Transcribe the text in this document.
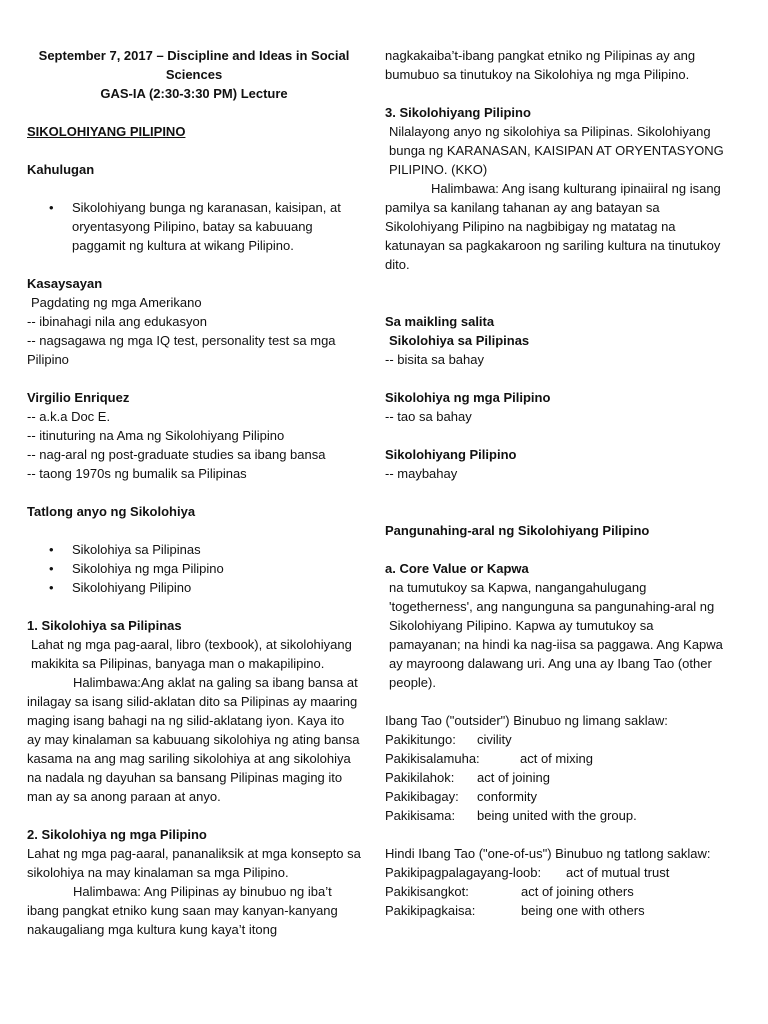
September 7, 2017 – Discipline and Ideas in Social
Sciences
GAS-IA (2:30-3:30 PM) Lecture

SIKOLOHIYANG PILIPINO

Kahulugan
• Sikolohiyang bunga ng karanasan, kaisipan, at oryentasyong Pilipino, batay sa kabuuang paggamit ng kultura at wikang Pilipino.
Kasaysayan

Pagdating ng mga Amerikano

-- ibinahagi nila ang edukasyon

-- nagsagawa ng mga IQ test, personality test sa mga Pilipino

Virgilio Enriquez

-- a.k.a Doc E.

-- itinuturing na Ama ng Sikolohiyang Pilipino

-- nag-aral ng post-graduate studies sa ibang bansa

-- taong 1970s ng bumalik sa Pilipinas

Tatlong anyo ng Sikolohiya
• Sikolohiya sa Pilipinas
• Sikolohiya ng mga Pilipino
• Sikolohiyang Pilipino
1. Sikolohiya sa Pilipinas

Lahat ng mga pag-aaral, libro (texbook), at sikolohiyang makikita sa Pilipinas, banyaga man o makapilipino.

Halimbawa:Ang aklat na galing sa ibang bansa at inilagay sa isang silid-aklatan dito sa Pilipinas ay maaring maging isang bahagi na ng silid-aklatang iyon. Kaya ito ay may kinalaman sa kabuuang sikolohiya ng ating bansa kasama na ang mag sariling sikolohiya at ang sikolohiya na nadala ng dayuhan sa bansang Pilipinas maging ito man ay sa anong paraan at anyo.

2. Sikolohiya ng mga Pilipino

Lahat ng mga pag-aaral, pananaliksik at mga konsepto sa sikolohiya na may kinalaman sa mga Pilipino.

Halimbawa: Ang Pilipinas ay binubuo ng iba’t ibang pangkat etniko kung saan may kanyan-kanyang nakaugaliang mga kultura kung kaya’t itong

nagkakaiba’t-ibang pangkat etniko ng Pilipinas ay ang bumubuo sa tinutukoy na Sikolohiya ng mga Pilipino.

3. Sikolohiyang Pilipino

Nilalayong anyo ng sikolohiya sa Pilipinas. Sikolohiyang bunga ng KARANASAN, KAISIPAN AT ORYENTASYONG PILIPINO. (KKO)

Halimbawa: Ang isang kulturang ipinaiiral ng isang pamilya sa kanilang tahanan ay ang batayan sa Sikolohiyang Pilipino na nagbibigay ng matatag na katunayan sa pagkakaroon ng sariling kultura na tinutukoy dito.

Sa maikling salita
Sikolohiya sa Pilipinas

-- bisita sa bahay

Sikolohiya ng mga Pilipino

-- tao sa bahay

Sikolohiyang Pilipino

-- maybahay

Pangunahing-aral ng Sikolohiyang Pilipino
a. Core Value or Kapwa

na tumutukoy sa Kapwa, nangangahulugang 'togetherness', ang nangunguna sa pangunahing-aral ng Sikolohiyang Pilipino. Kapwa ay tumutukoy sa pamayanan; na hindi ka nag-iisa sa paggawa. Ang Kapwa ay mayroong dalawang uri. Ang una ay Ibang Tao (other people).

Ibang Tao ("outsider") Binubuo ng limang saklaw:

Pakikitungo:	civility
Pakikisalamuha:	act of mixing
Pakikilahok:	act of joining
Pakikibagay:	conformity
Pakikisama:	being united with the group.

Hindi Ibang Tao ("one-of-us") Binubuo ng tatlong saklaw:

Pakikipagpalagayang-loob:	act of mutual trust
Pakikisangkot:	act of joining others
Pakikipagkaisa:	being one with others
